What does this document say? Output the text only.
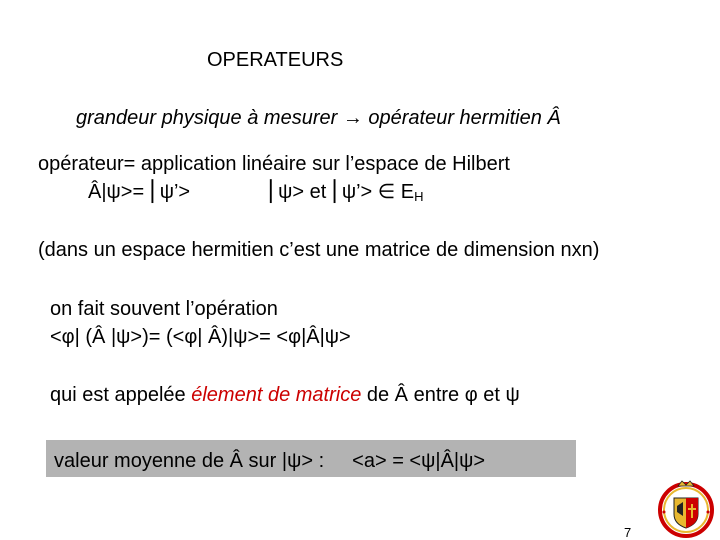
OPERATEURS
grandeur physique à mesurer → opérateur hermitien Â
opérateur= application linéaire sur l’espace de Hilbert
Â|ψ>= ⎜ψ’>	⎜ψ> et ⎜ψ’> ∈ $E_H$
(dans un espace hermitien c’est une matrice de dimension nxn)
on fait souvent l’opération
<φ| (Â |ψ>)= (<φ| Â)|ψ>= <φ|Â|ψ>
qui est appelée élement de matrice de Â entre φ et ψ
valeur moyenne de Â sur |ψ> : <a> = <ψ|Â|ψ>
7
